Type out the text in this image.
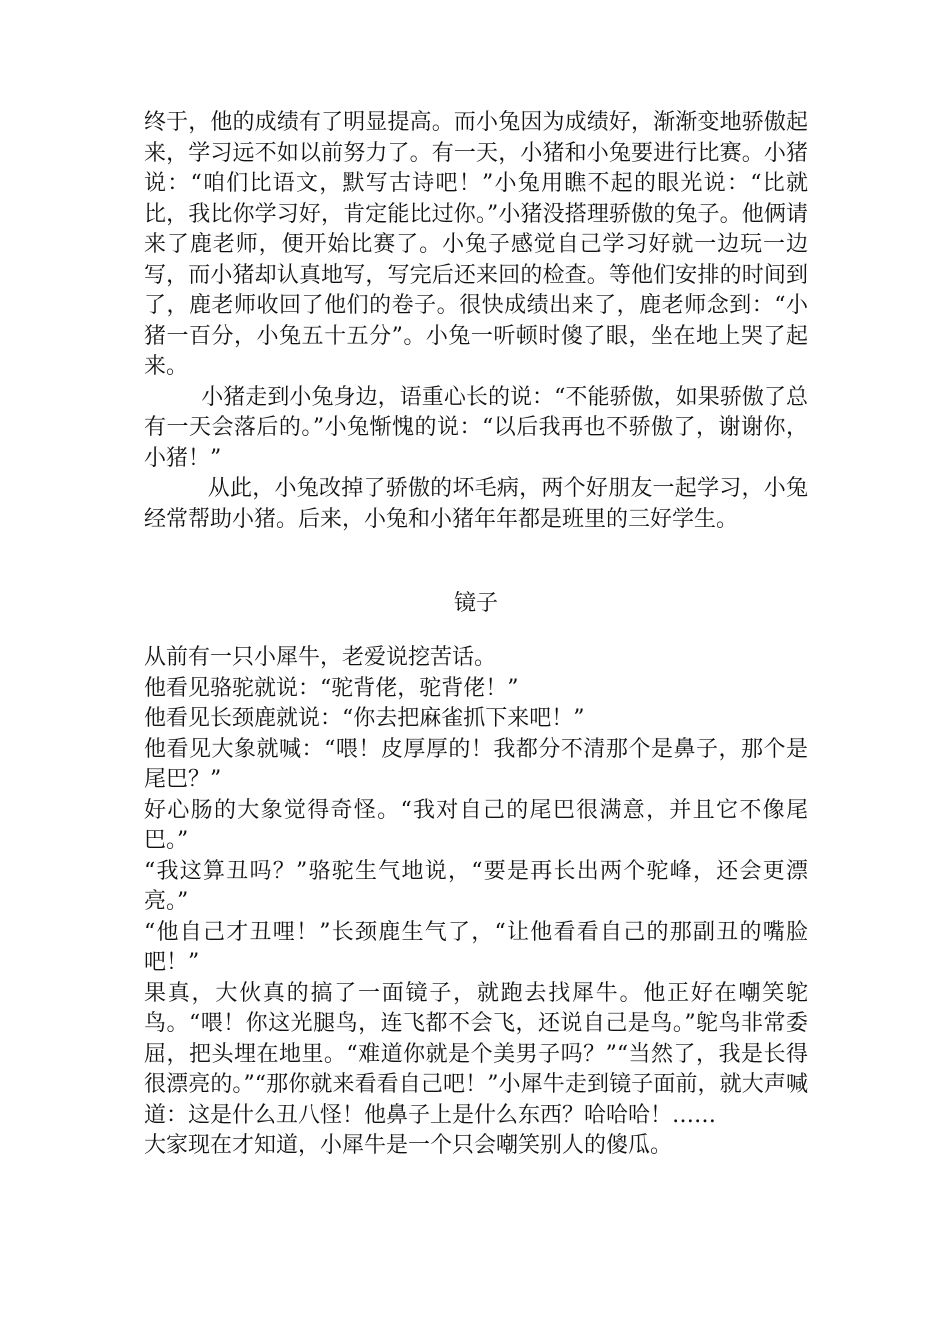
终于，他的成绩有了明显提高。而小兔因为成绩好，渐渐变地骄傲起来，学习远不如以前努力了。有一天，小猪和小兔要进行比赛。小猪说：“咱们比语文，默写古诗吧！”小兔用瞧不起的眼光说：“比就比，我比你学习好，肯定能比过你。”小猪没搭理骄傲的兔子。他俩请来了鹿老师，便开始比赛了。小兔子感觉自己学习好就一边玩一边写，而小猪却认真地写，写完后还来回的检查。等他们安排的时间到了，鹿老师收回了他们的卷子。很快成绩出来了，鹿老师念到：“小猪一百分，小兔五十五分”。小兔一听顿时傻了眼，坐在地上哭了起来。

小猪走到小兔身边，语重心长的说：“不能骄傲，如果骄傲了总有一天会落后的。”小兔惭愧的说：“以后我再也不骄傲了，谢谢你，小猪！”

从此，小兔改掉了骄傲的坏毛病，两个好朋友一起学习，小兔经常帮助小猪。后来，小兔和小猪年年都是班里的三好学生。

镜子

从前有一只小犀牛，老爱说挖苦话。

他看见骆驼就说：“驼背佬，驼背佬！”

他看见长颈鹿就说：“你去把麻雀抓下来吧！”

他看见大象就喊：“喂！皮厚厚的！我都分不清那个是鼻子，那个是尾巴？”

好心肠的大象觉得奇怪。“我对自己的尾巴很满意，并且它不像尾巴。”

“我这算丑吗？”骆驼生气地说，“要是再长出两个驼峰，还会更漂亮。”

“他自己才丑哩！”长颈鹿生气了，“让他看看自己的那副丑的嘴脸吧！”

果真，大伙真的搞了一面镜子，就跑去找犀牛。他正好在嘲笑鸵鸟。“喂！你这光腿鸟，连飞都不会飞，还说自己是鸟。”鸵鸟非常委屈，把头埋在地里。“难道你就是个美男子吗？”“当然了，我是长得很漂亮的。”“那你就来看看自己吧！”小犀牛走到镜子面前，就大声喊道：这是什么丑八怪！他鼻子上是什么东西？哈哈哈！……

大家现在才知道，小犀牛是一个只会嘲笑别人的傻瓜。
